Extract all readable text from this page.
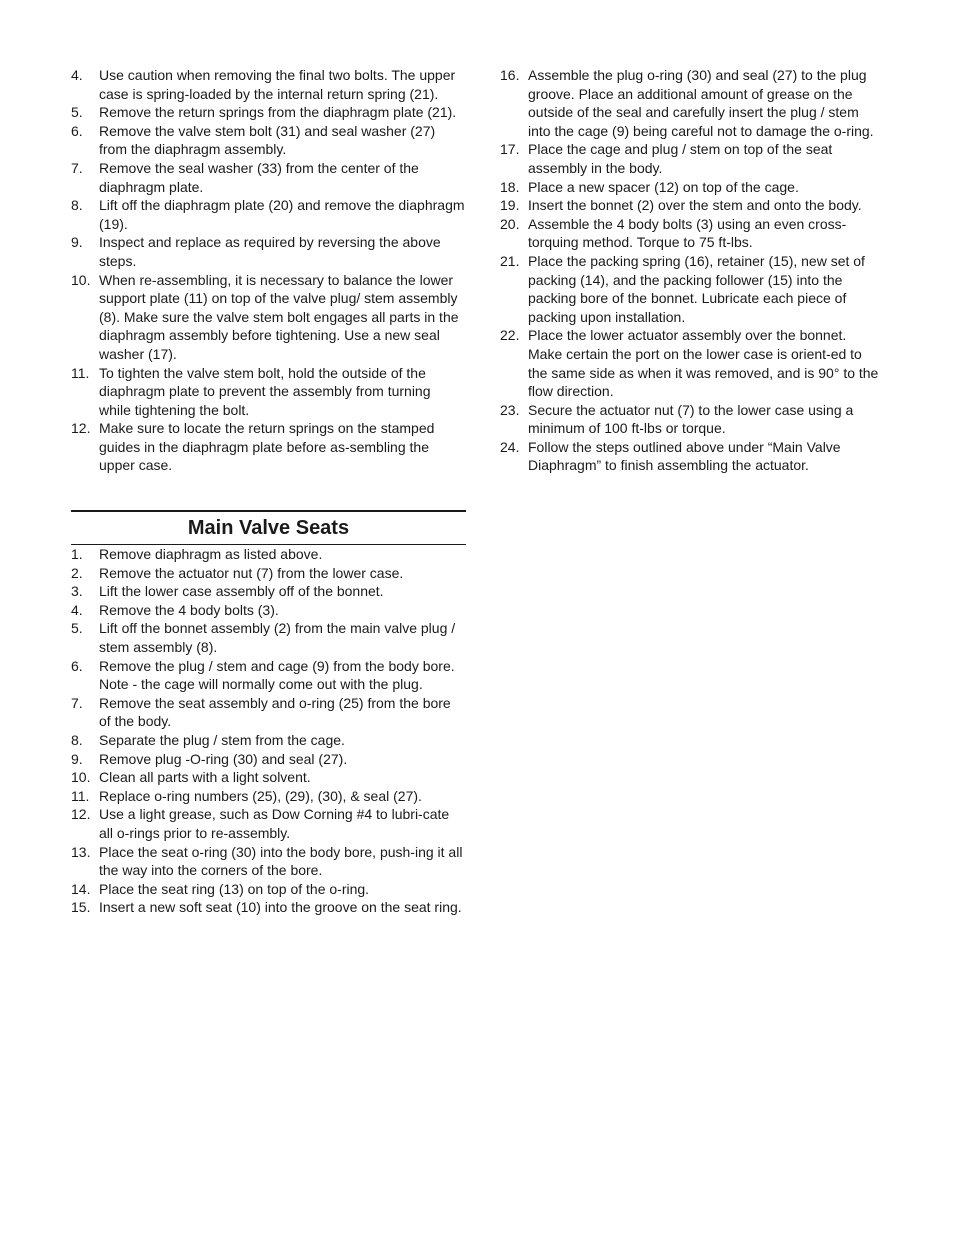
4. Use caution when removing the final two bolts. The upper case is spring-loaded by the internal return spring (21).
5. Remove the return springs from the diaphragm plate (21).
6. Remove the valve stem bolt (31) and seal washer (27) from the diaphragm assembly.
7. Remove the seal washer (33) from the center of the diaphragm plate.
8. Lift off the diaphragm plate (20) and remove the diaphragm (19).
9. Inspect and replace as required by reversing the above steps.
10. When re-assembling, it is necessary to balance the lower support plate (11) on top of the valve plug/ stem assembly (8). Make sure the valve stem bolt engages all parts in the diaphragm assembly before tightening. Use a new seal washer (17).
11. To tighten the valve stem bolt, hold the outside of the diaphragm plate to prevent the assembly from turning while tightening the bolt.
12. Make sure to locate the return springs on the stamped guides in the diaphragm plate before as-sembling the upper case.
Main Valve Seats
1. Remove diaphragm as listed above.
2. Remove the actuator nut (7) from the lower case.
3. Lift the lower case assembly off of the bonnet.
4. Remove the 4 body bolts (3).
5. Lift off the bonnet assembly (2) from the main valve plug / stem assembly (8).
6. Remove the plug / stem and cage (9) from the body bore. Note - the cage will normally come out with the plug.
7. Remove the seat assembly and o-ring (25) from the bore of the body.
8. Separate the plug / stem from the cage.
9. Remove plug -O-ring (30) and seal (27).
10. Clean all parts with a light solvent.
11. Replace o-ring numbers (25), (29), (30), & seal (27).
12. Use a light grease, such as Dow Corning #4 to lubri-cate all o-rings prior to re-assembly.
13. Place the seat o-ring (30) into the body bore, push-ing it all the way into the corners of the bore.
14. Place the seat ring (13) on top of the o-ring.
15. Insert a new soft seat (10) into the groove on the seat ring.
16. Assemble the plug o-ring (30) and seal (27) to the plug groove. Place an additional amount of grease on the outside of the seal and carefully insert the plug / stem into the cage (9) being careful not to damage the o-ring.
17. Place the cage and plug / stem on top of the seat assembly in the body.
18. Place a new spacer (12) on top of the cage.
19. Insert the bonnet (2) over the stem and onto the body.
20. Assemble the 4 body bolts (3) using an even cross-torquing method. Torque to 75 ft-lbs.
21. Place the packing spring (16), retainer (15), new set of packing (14), and the packing follower (15) into the packing bore of the bonnet. Lubricate each piece of packing upon installation.
22. Place the lower actuator assembly over the bonnet. Make certain the port on the lower case is orient-ed to the same side as when it was removed, and is 90° to the flow direction.
23. Secure the actuator nut (7) to the lower case using a minimum of 100 ft-lbs or torque.
24. Follow the steps outlined above under “Main Valve Diaphragm” to finish assembling the actuator.
